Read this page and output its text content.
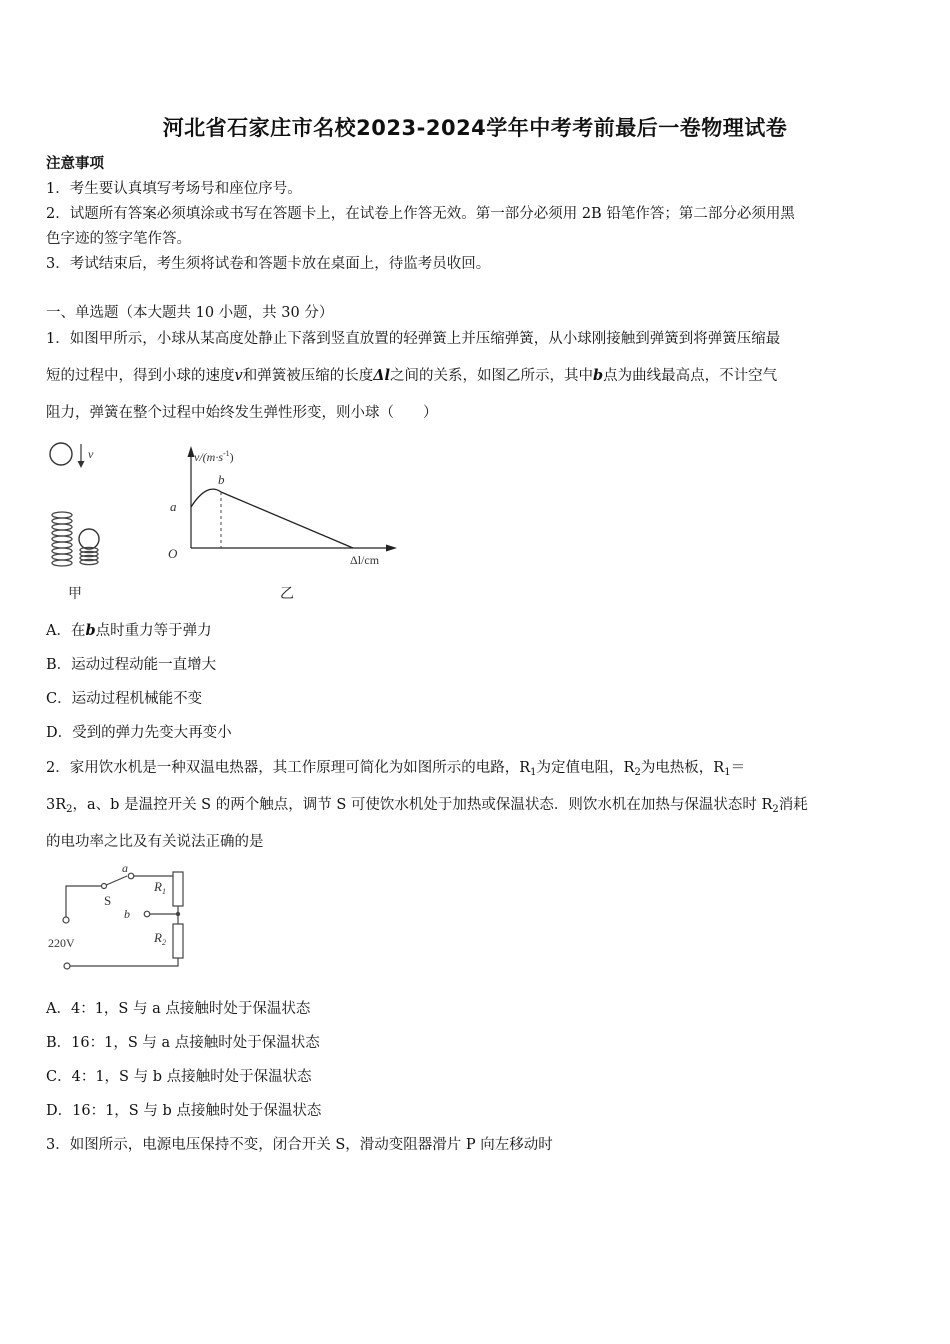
河北省石家庄市名校2023-2024学年中考考前最后一卷物理试卷
注意事项
1．考生要认真填写考场号和座位序号。
2．试题所有答案必须填涂或书写在答题卡上，在试卷上作答无效。第一部分必须用 2B 铅笔作答；第二部分必须用黑
色字迹的签字笔作答。
3．考试结束后，考生须将试卷和答题卡放在桌面上，待监考员收回。
一、单选题（本大题共 10 小题，共 30 分）
1．如图甲所示，小球从某高度处静止下落到竖直放置的轻弹簧上并压缩弹簧，从小球刚接触到弹簧到将弹簧压缩最
短的过程中，得到小球的速度v和弹簧被压缩的长度Δl之间的关系，如图乙所示，其中b点为曲线最高点，不计空气
阻力，弹簧在整个过程中始终发生弹性形变，则小球（　　）
v
甲
$v/(m\cdot s^{-1})$
a
b
O	Δl/cm
乙
A．在b点时重力等于弹力
B．运动过程动能一直增大
C．运动过程机械能不变
D．受到的弹力先变大再变小
2．家用饮水机是一种双温电热器，其工作原理可简化为如图所示的电路，$R_1$为定值电阻，$R_2$为电热板，$R_1=$
$3R_2$，a、b 是温控开关 S 的两个触点，调节 S 可使饮水机处于加热或保温状态．则饮水机在加热与保温状态时 $R_2$消耗
的电功率之比及有关说法正确的是
a
S
b
$R_1$
$R_2$
220V
A．4：1，S 与 a 点接触时处于保温状态
B．16：1，S 与 a 点接触时处于保温状态
C．4：1，S 与 b 点接触时处于保温状态
D．16：1，S 与 b 点接触时处于保温状态
3．如图所示，电源电压保持不变，闭合开关 S，滑动变阻器滑片 P 向左移动时
